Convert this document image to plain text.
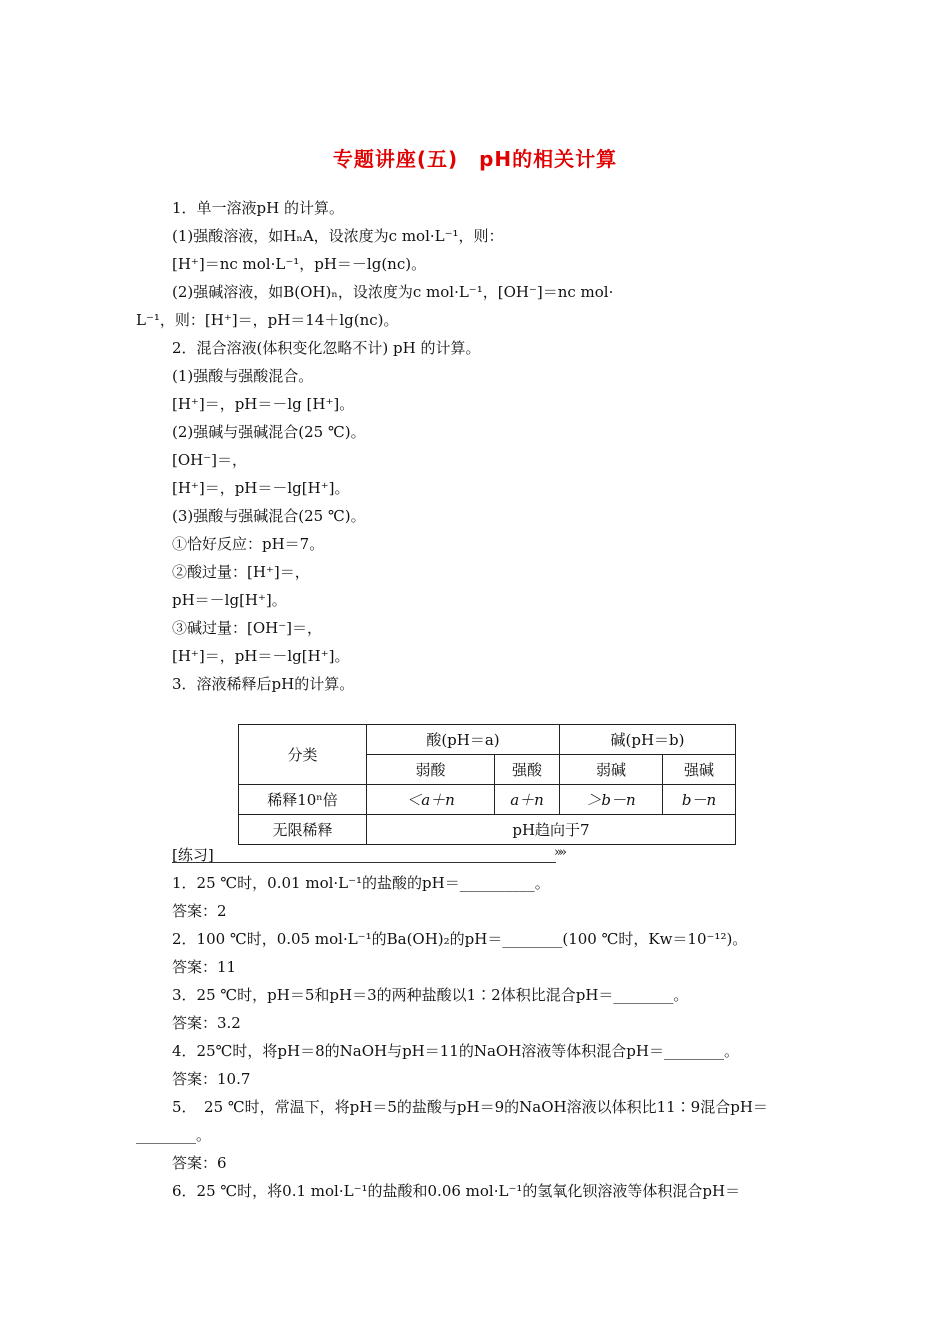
专题讲座(五)　pH的相关计算
1．单一溶液pH 的计算。
(1)强酸溶液，如HₙA，设浓度为c mol·L⁻¹，则：
[H⁺]＝nc mol·L⁻¹，pH＝－lg(nc)。
(2)强碱溶液，如B(OH)ₙ，设浓度为c mol·L⁻¹，[OH⁻]＝nc mol·
L⁻¹，则：[H⁺]＝，pH＝14＋lg(nc)。
2．混合溶液(体积变化忽略不计) pH 的计算。
(1)强酸与强酸混合。
[H⁺]＝，pH＝－lg [H⁺]。
(2)强碱与强碱混合(25 ℃)。
[OH⁻]＝，
[H⁺]＝，pH＝－lg[H⁺]。
(3)强酸与强碱混合(25 ℃)。
①恰好反应：pH＝7。
②酸过量：[H⁺]＝，
pH＝－lg[H⁺]。
③碱过量：[OH⁻]＝，
[H⁺]＝，pH＝－lg[H⁺]。
3．溶液稀释后pH的计算。
分类	酸(pH＝a)		碱(pH＝b)	
	弱酸	强酸	弱碱	强碱
稀释10ⁿ倍	＜a＋n	a＋n	＞b－n	b－n
无限稀释	pH趋向于7			
[练习]	»»
1．25 ℃时，0.01 mol·L⁻¹的盐酸的pH＝__________。
答案：2
2．100 ℃时，0.05 mol·L⁻¹的Ba(OH)₂的pH＝________(100 ℃时，Kw＝10⁻¹²)。
答案：11
3．25 ℃时，pH＝5和pH＝3的两种盐酸以1∶2体积比混合pH＝________。
答案：3.2
4．25℃时，将pH＝8的NaOH与pH＝11的NaOH溶液等体积混合pH＝________。
答案：10.7
5．　25 ℃时，常温下，将pH＝5的盐酸与pH＝9的NaOH溶液以体积比11∶9混合pH＝
________。
答案：6
6．25 ℃时，将0.1 mol·L⁻¹的盐酸和0.06 mol·L⁻¹的氢氧化钡溶液等体积混合pH＝
